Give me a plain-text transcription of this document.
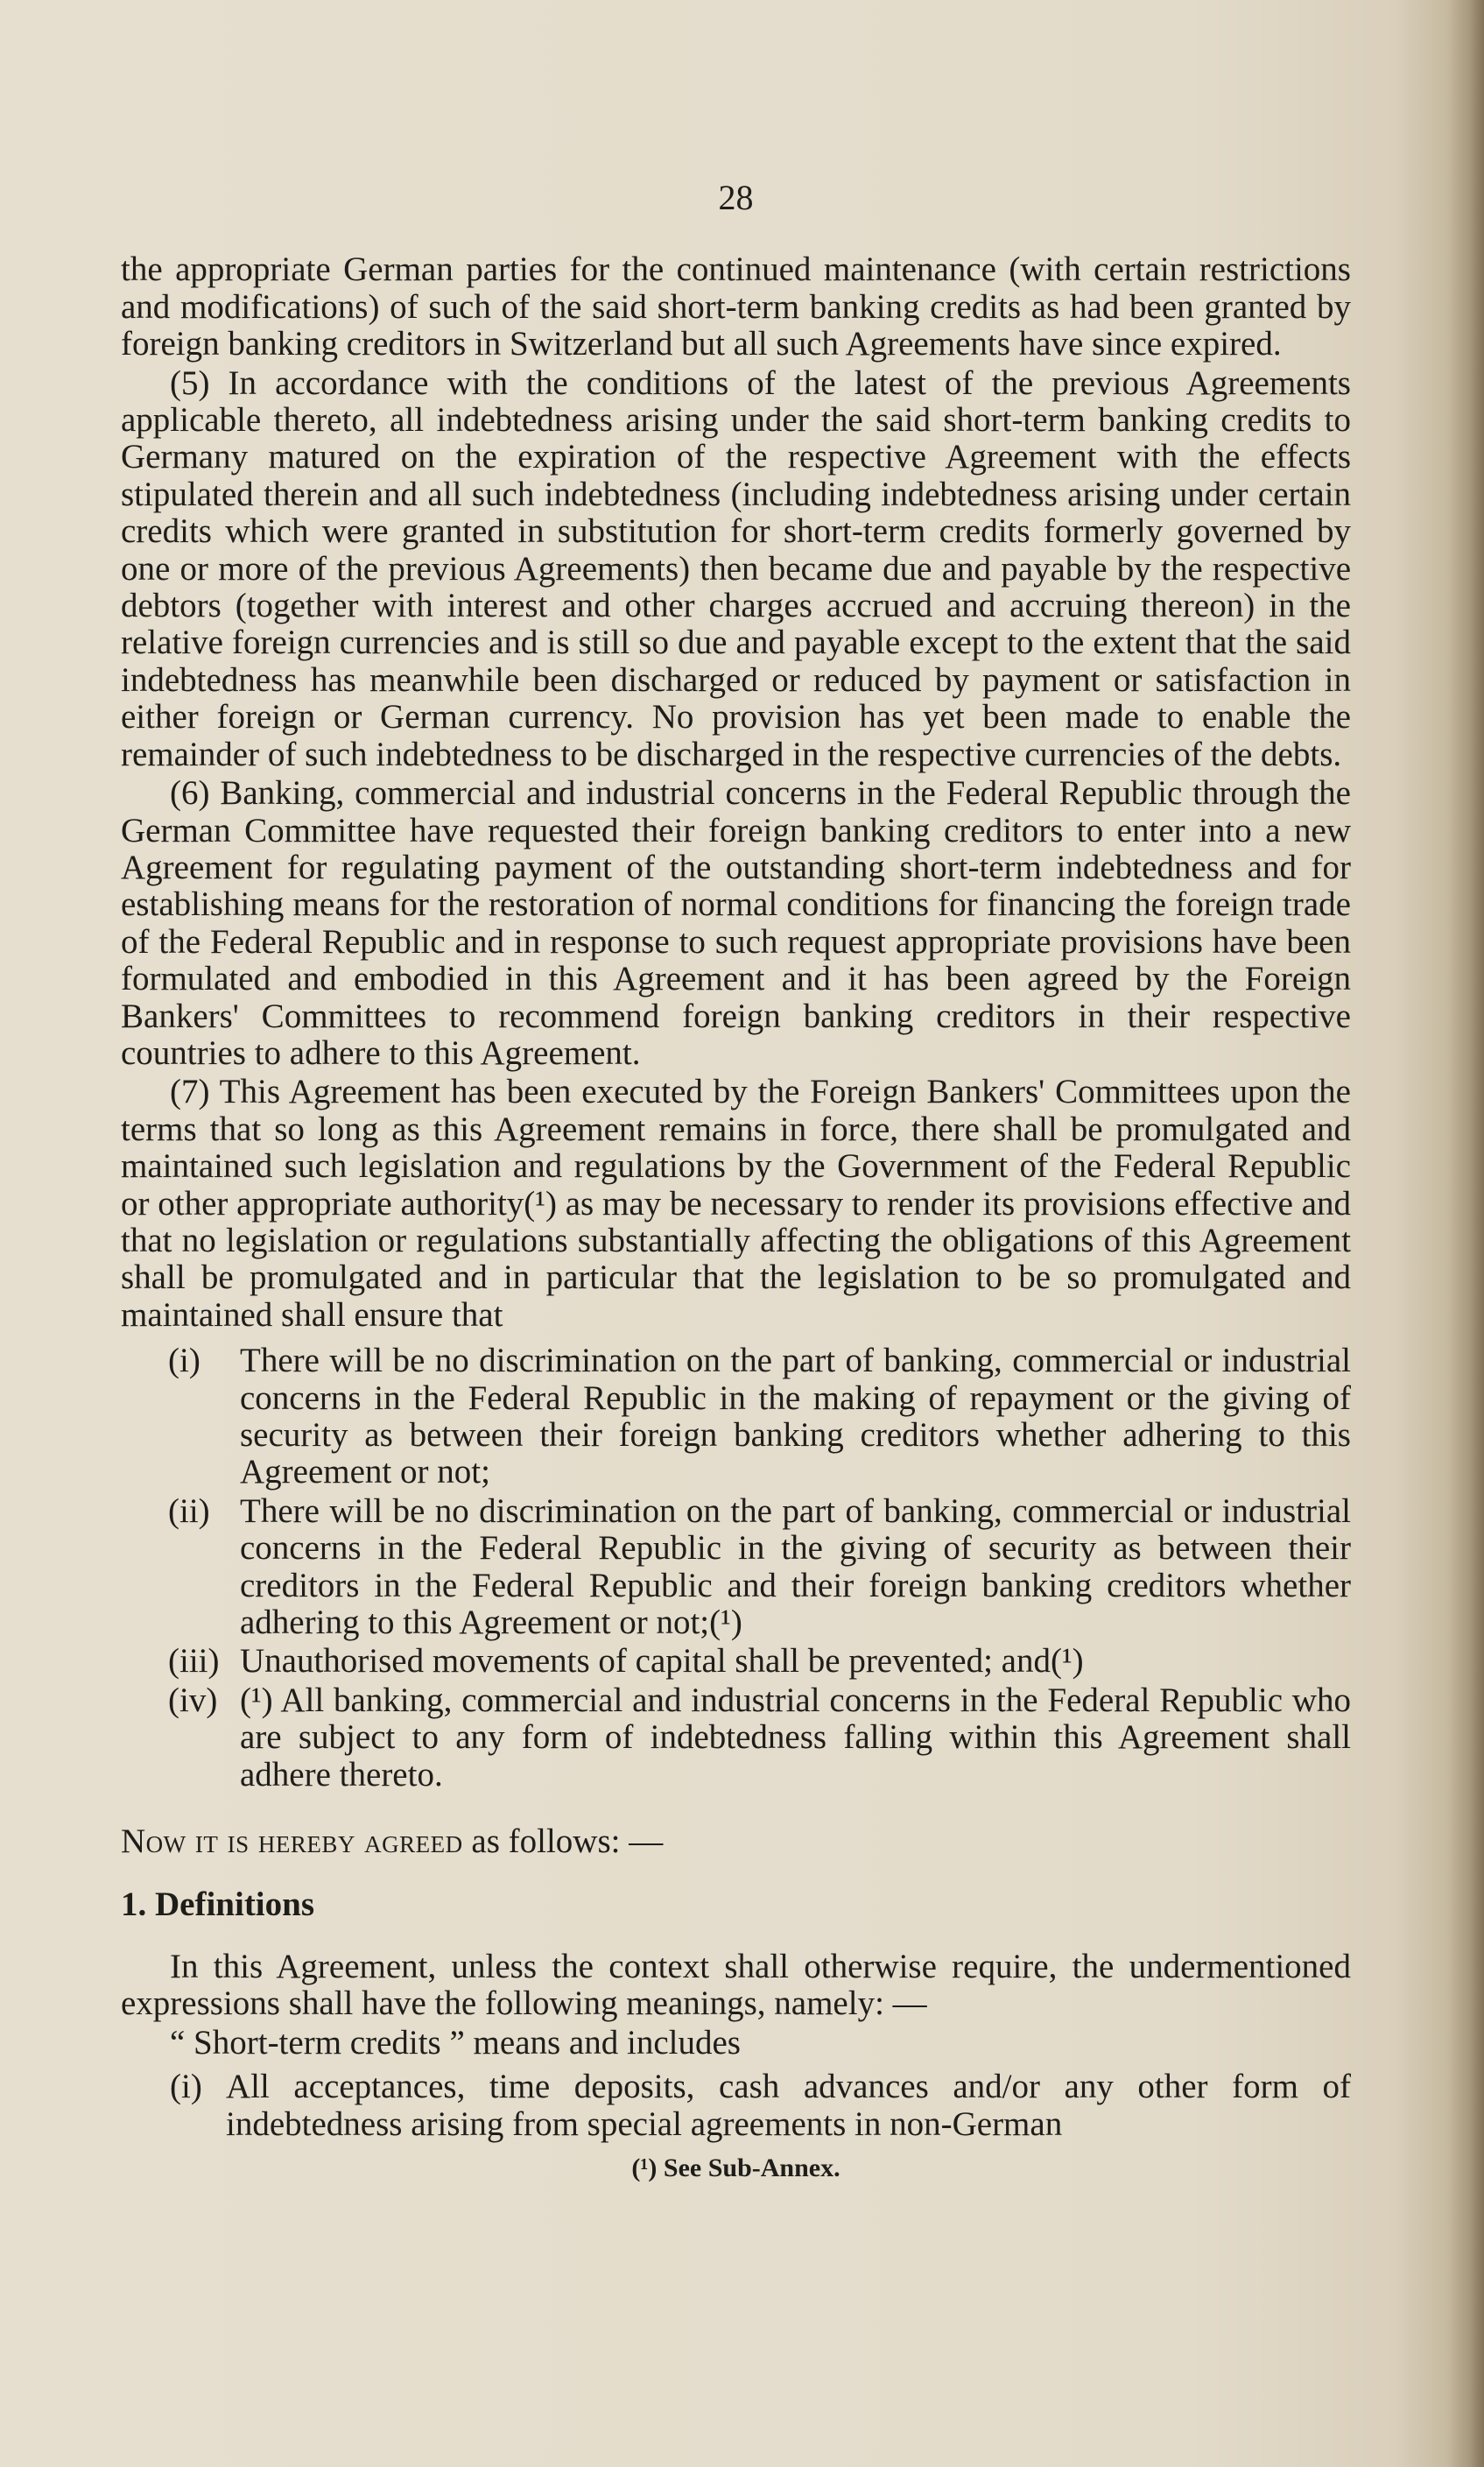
28

the appropriate German parties for the continued maintenance (with certain restrictions and modifications) of such of the said short-term banking credits as had been granted by foreign banking creditors in Switzerland but all such Agreements have since expired.

(5) In accordance with the conditions of the latest of the previous Agreements applicable thereto, all indebtedness arising under the said short-term banking credits to Germany matured on the expiration of the respective Agreement with the effects stipulated therein and all such indebtedness (including indebtedness arising under certain credits which were granted in substitution for short-term credits formerly governed by one or more of the previous Agreements) then became due and payable by the respective debtors (together with interest and other charges accrued and accruing thereon) in the relative foreign currencies and is still so due and payable except to the extent that the said indebtedness has meanwhile been discharged or reduced by payment or satisfaction in either foreign or German currency. No provision has yet been made to enable the remainder of such indebtedness to be discharged in the respective currencies of the debts.

(6) Banking, commercial and industrial concerns in the Federal Republic through the German Committee have requested their foreign banking creditors to enter into a new Agreement for regulating payment of the outstanding short-term indebtedness and for establishing means for the restoration of normal conditions for financing the foreign trade of the Federal Republic and in response to such request appropriate provisions have been formulated and embodied in this Agreement and it has been agreed by the Foreign Bankers' Committees to recommend foreign banking creditors in their respective countries to adhere to this Agreement.

(7) This Agreement has been executed by the Foreign Bankers' Committees upon the terms that so long as this Agreement remains in force, there shall be promulgated and maintained such legislation and regulations by the Government of the Federal Republic or other appropriate authority(¹) as may be necessary to render its provisions effective and that no legislation or regulations substantially affecting the obligations of this Agreement shall be promulgated and in particular that the legislation to be so promulgated and maintained shall ensure that

(i) There will be no discrimination on the part of banking, commercial or industrial concerns in the Federal Republic in the making of repayment or the giving of security as between their foreign banking creditors whether adhering to this Agreement or not;
(ii) There will be no discrimination on the part of banking, commercial or industrial concerns in the Federal Republic in the giving of security as between their creditors in the Federal Republic and their foreign banking creditors whether adhering to this Agreement or not;(¹)
(iii) Unauthorised movements of capital shall be prevented; and(¹)
(iv) (¹) All banking, commercial and industrial concerns in the Federal Republic who are subject to any form of indebtedness falling within this Agreement shall adhere thereto.

Now it is hereby agreed as follows: —

1. Definitions

In this Agreement, unless the context shall otherwise require, the undermentioned expressions shall have the following meanings, namely: —

“ Short-term credits ” means and includes
(i) All acceptances, time deposits, cash advances and/or any other form of indebtedness arising from special agreements in non-German
(¹) See Sub-Annex.
